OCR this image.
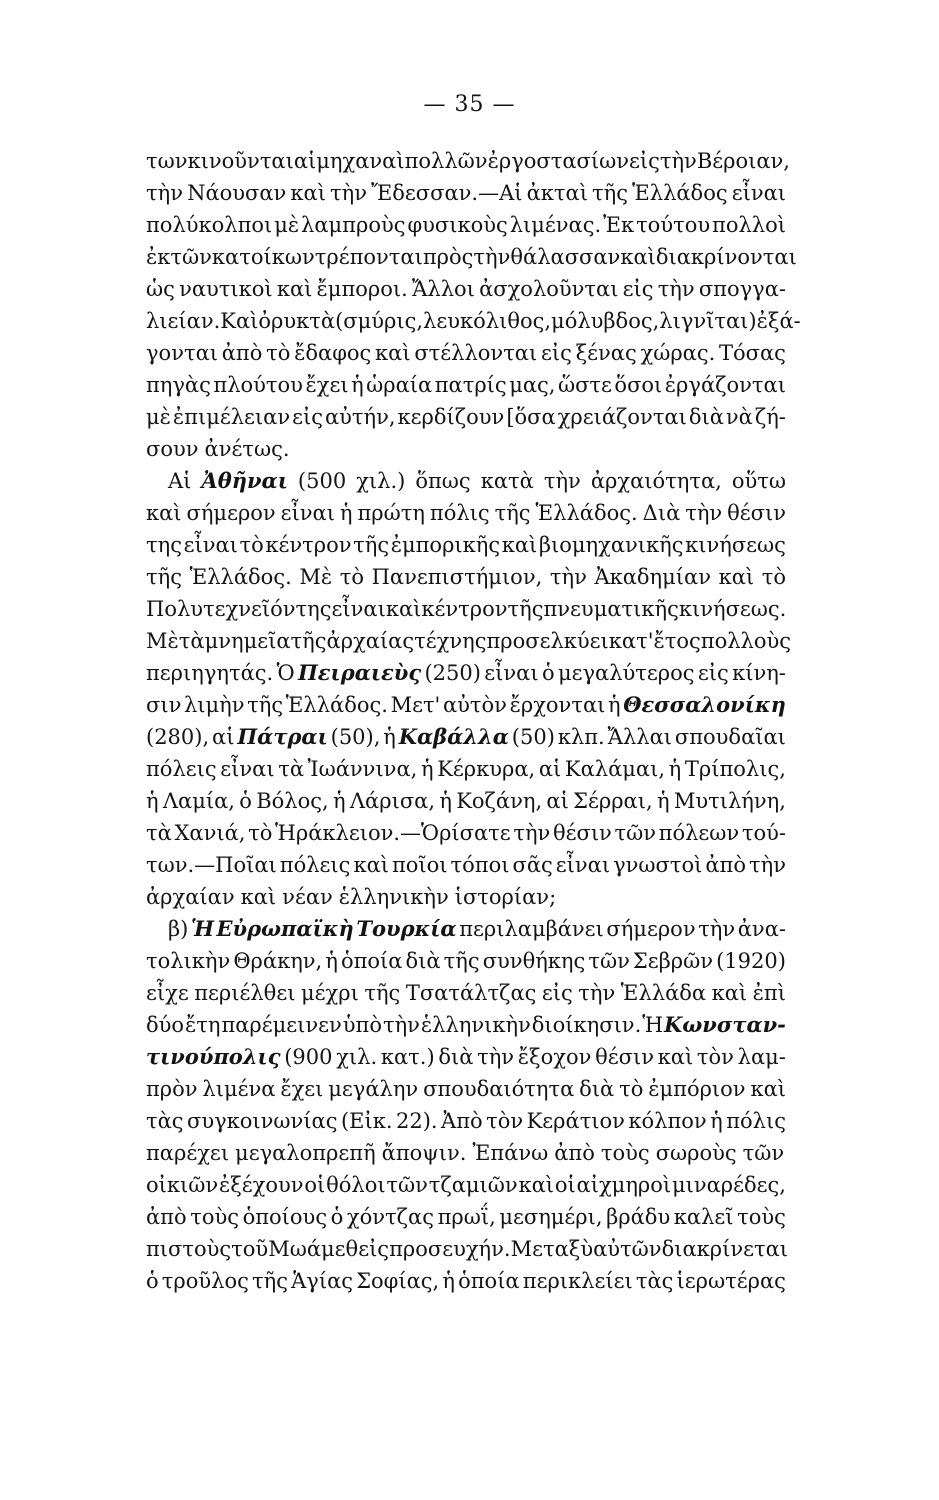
— 35 —
των κινοῦνται αἱ μηχαναὶ πολλῶν ἐργοστασίων εἰς τὴν Βέροιαν,
τὴν Νάουσαν καὶ τὴν Ἔδεσσαν.—Αἱ ἀκταὶ τῆς Ἑλλάδος εἶναι
πολύκολποι μὲ λαμπροὺς φυσικοὺς λιμένας. Ἐκ τούτου πολλοὶ
ἐκ τῶν κατοίκων τρέπονται πρὸς τὴν θάλασσαν καὶ διακρίνονται
ὡς ναυτικοὶ καὶ ἔμποροι. Ἄλλοι ἀσχολοῦνται εἰς τὴν σπογγα-
λιείαν. Καὶ ὀρυκτὰ (σμύρις, λευκόλιθος, μόλυβδος, λιγνῖται) ἐξά-
γονται ἀπὸ τὸ ἔδαφος καὶ στέλλονται εἰς ξένας χώρας. Τόσας
πηγὰς πλούτου ἔχει ἡ ὡραία πατρίς μας, ὥστε ὅσοι ἐργάζονται
μὲ ἐπιμέλειαν εἰς αὐτήν, κερδίζουν [ὅσα χρειάζονται διὰ νὰ ζή-
σουν ἀνέτως.
Αἱ Ἀθῆναι (500 χιλ.) ὅπως κατὰ τὴν ἀρχαιότητα, οὕτω
καὶ σήμερον εἶναι ἡ πρώτη πόλις τῆς Ἑλλάδος. Διὰ τὴν θέσιν
της εἶναι τὸ κέντρον τῆς ἐμπορικῆς καὶ βιομηχανικῆς κινήσεως
τῆς Ἑλλάδος. Μὲ τὸ Πανεπιστήμιον, τὴν Ἀκαδημίαν καὶ τὸ
Πολυτεχνεῖόν της εἶναι καὶ κέντρον τῆς πνευματικῆς κινήσεως.
Μὲ τὰ μνημεῖα τῆς ἀρχαίας τέχνης προσελκύει κατ' ἔτος πολλοὺς
περιηγητάς. Ὁ Πειραιεὺς (250) εἶναι ὁ μεγαλύτερος εἰς κίνη-
σιν λιμὴν τῆς Ἑλλάδος. Μετ' αὐτὸν ἔρχονται ἡ Θεσσαλονίκη
(280), αἱ Πάτραι (50), ἡ Καβάλλα (50) κλπ. Ἄλλαι σπουδαῖαι
πόλεις εἶναι τὰ Ἰωάννινα, ἡ Κέρκυρα, αἱ Καλάμαι, ἡ Τρίπολις,
ἡ Λαμία, ὁ Βόλος, ἡ Λάρισα, ἡ Κοζάνη, αἱ Σέρραι, ἡ Μυτιλήνη,
τὰ Χανιά, τὸ Ἡράκλειον.—Ὁρίσατε τὴν θέσιν τῶν πόλεων τού-
των.—Ποῖαι πόλεις καὶ ποῖοι τόποι σᾶς εἶναι γνωστοὶ ἀπὸ τὴν
ἀρχαίαν καὶ νέαν ἑλληνικὴν ἱστορίαν;
β) Ἡ Εὐρωπαϊκὴ Τουρκία περιλαμβάνει σήμερον τὴν ἀνα-
τολικὴν Θράκην, ἡ ὁποία διὰ τῆς συνθήκης τῶν Σεβρῶν (1920)
εἶχε περιέλθει μέχρι τῆς Τσατάλτζας εἰς τὴν Ἑλλάδα καὶ ἐπὶ
δύο ἔτη παρέμεινεν ὑπὸ τὴν ἑλληνικὴν διοίκησιν. Ἡ Κωνσταν-
τινούπολις (900 χιλ. κατ.) διὰ τὴν ἔξοχον θέσιν καὶ τὸν λαμ-
πρὸν λιμένα ἔχει μεγάλην σπουδαιότητα διὰ τὸ ἐμπόριον καὶ
τὰς συγκοινωνίας (Εἰκ. 22). Ἀπὸ τὸν Κεράτιον κόλπον ἡ πόλις
παρέχει μεγαλοπρεπῆ ἄποψιν. Ἐπάνω ἀπὸ τοὺς σωροὺς τῶν
οἰκιῶν ἐξέχουν οἱ θόλοι τῶν τζαμιῶν καὶ οἱ αἰχμηροὶ μιναρέδες,
ἀπὸ τοὺς ὁποίους ὁ χόντζας πρωΐ, μεσημέρι, βράδυ καλεῖ τοὺς
πιστοὺς τοῦ Μωάμεθ εἰς προσευχήν. Μεταξὺ αὐτῶν διακρίνεται
ὁ τροῦλος τῆς Ἁγίας Σοφίας, ἡ ὁποία περικλείει τὰς ἱερωτέρας
